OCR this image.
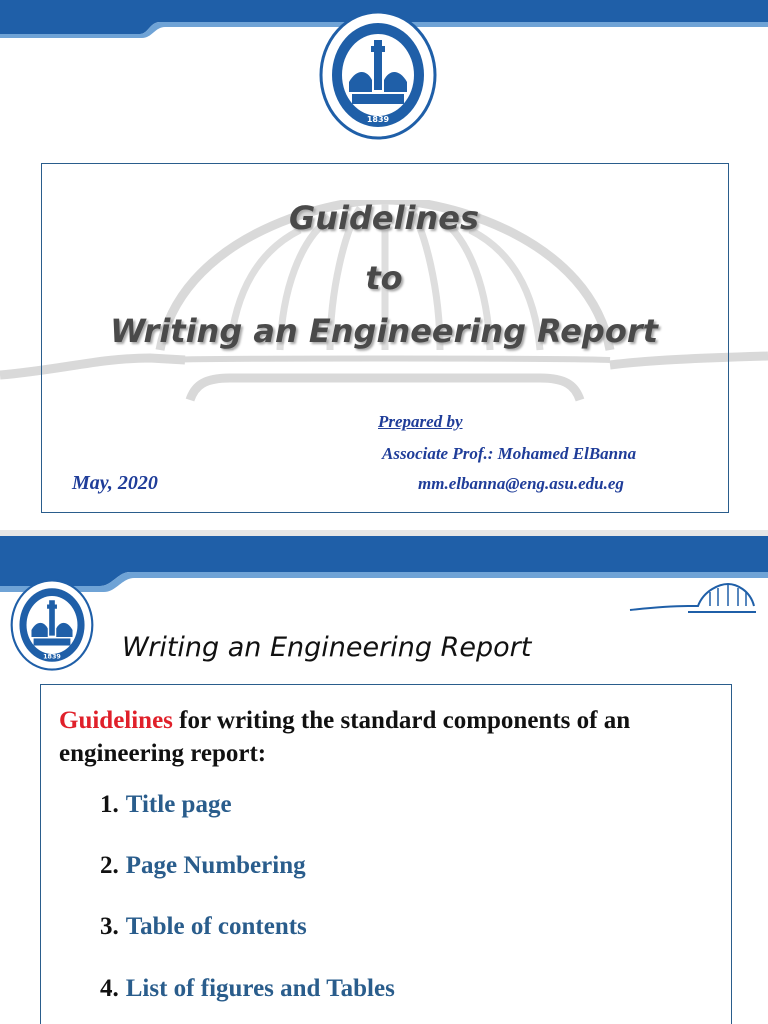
1839
Guidelines
to
Writing an Engineering Report
Prepared by
Associate Prof.: Mohamed ElBanna
May, 2020	mm.elbanna@eng.asu.edu.eg
1839 Writing an Engineering Report
Guidelines for writing the standard components of an engineering report:
1. Title page
2. Page Numbering
3. Table of contents
4. List of figures and Tables
